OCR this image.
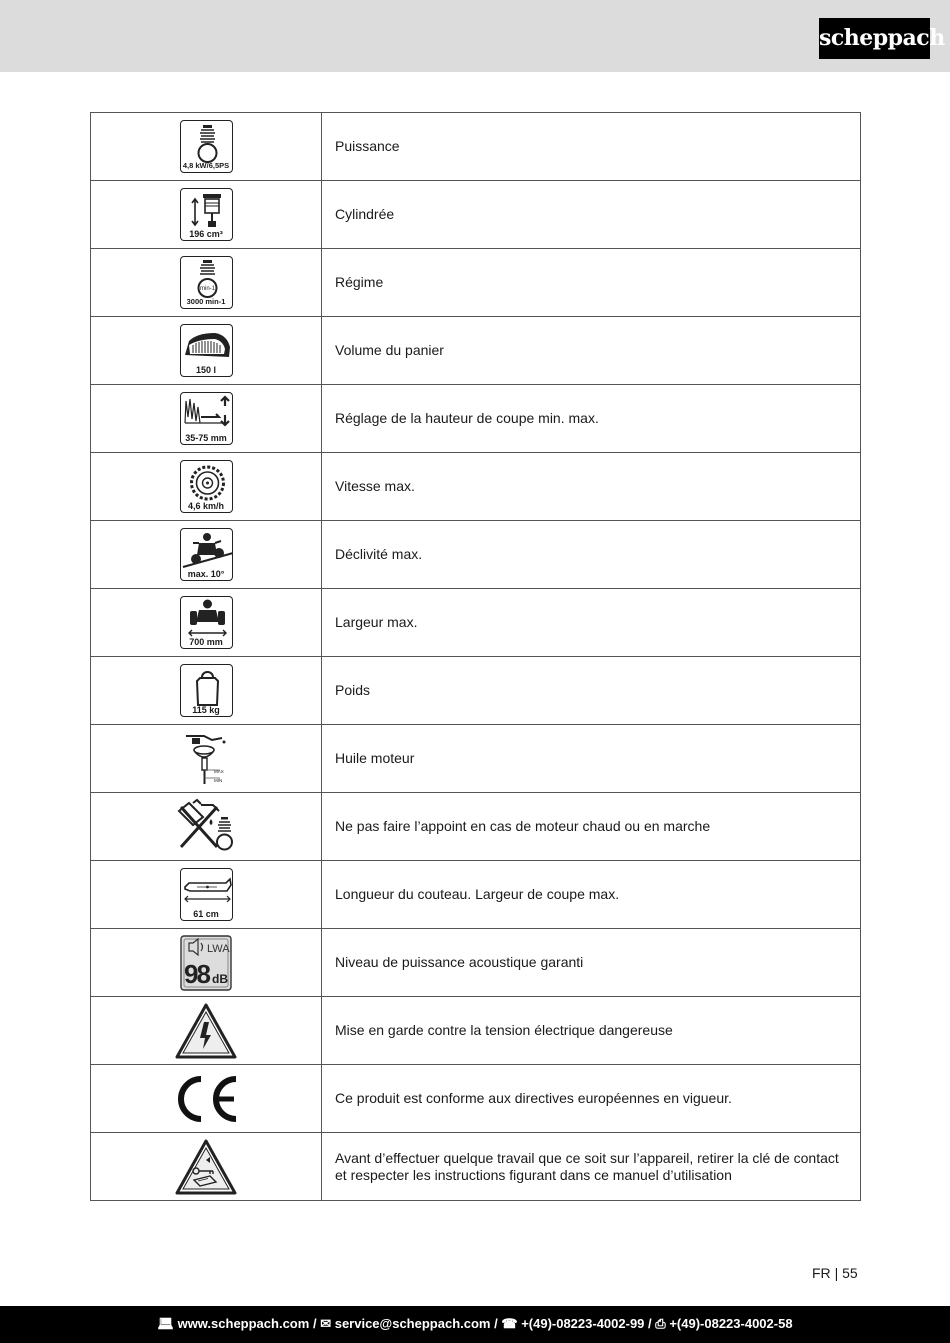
scheppach
4,8 kW/6,5PS	Puissance

196 cm³	Cylindrée

min-1
3000 min-1	Régime

150 l	Volume du panier

35-75 mm	Réglage de la hauteur de coupe min. max.

4,6 km/h	Vitesse max.

max. 10°	Déclivité max.

700 mm	Largeur max.

115 kg	Poids

MAX
MIN	Huile moteur
	Ne pas faire l’appoint en cas de moteur chaud ou en marche

61 cm	Longueur du couteau. Largeur de coupe max.

LWA
98 dB	Niveau de puissance acoustique garanti
	Mise en garde contre la tension électrique dangereuse

CE	Ce produit est conforme aux directives européennes en vigueur.
	Avant d’effectuer quelque travail que ce soit sur l’appareil, retirer la clé de contact et respecter les instructions figurant dans ce manuel d’utilisation
FR | 55
💻︎ www.scheppach.com / ✉ service@scheppach.com / ☎ +(49)-08223-4002-99 / ⎙ +(49)-08223-4002-58
